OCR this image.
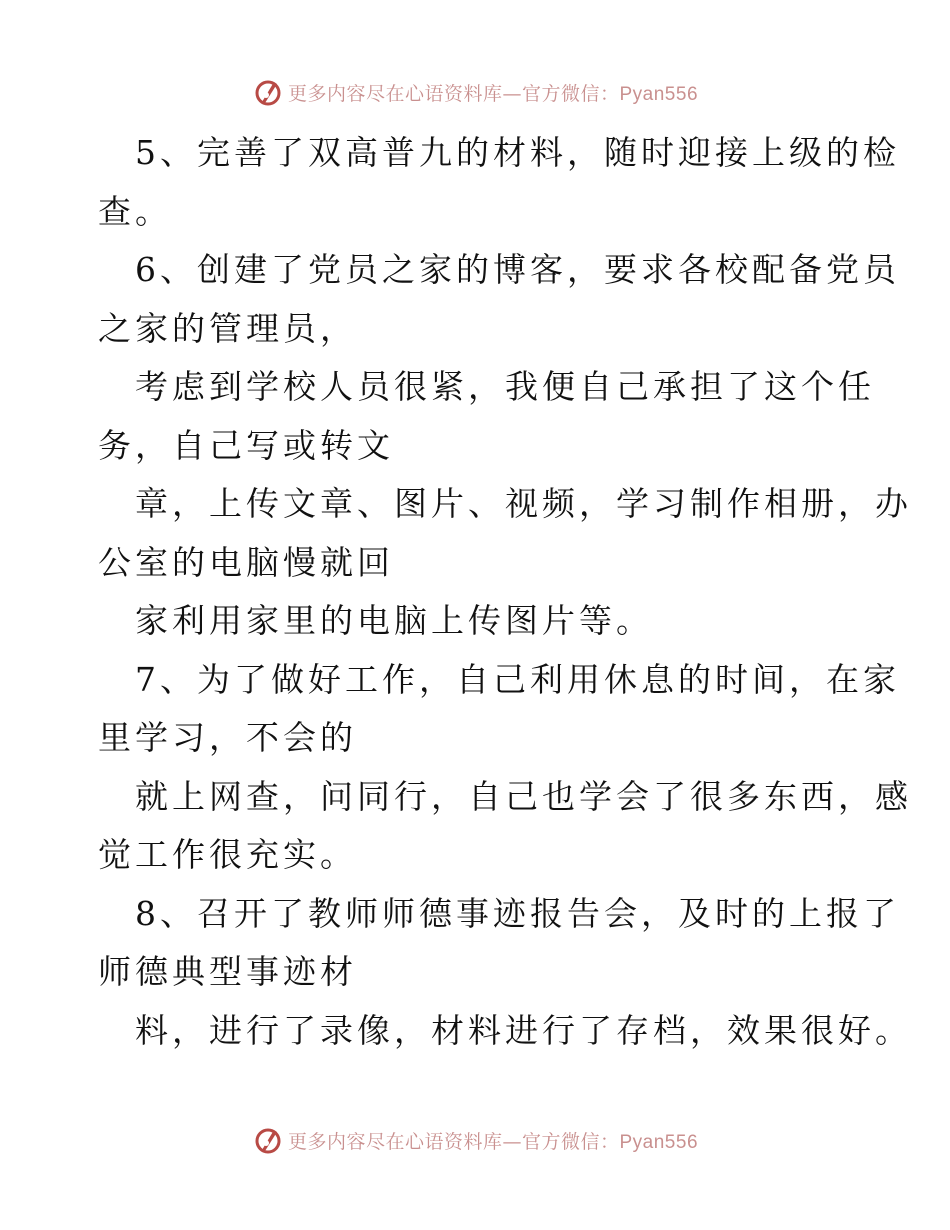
更多内容尽在心语资料库—官方微信：Pyan556
5、完善了双高普九的材料，随时迎接上级的检
查。
6、创建了党员之家的博客，要求各校配备党员
之家的管理员，
考虑到学校人员很紧，我便自己承担了这个任
务，自己写或转文
章，上传文章、图片、视频，学习制作相册，办
公室的电脑慢就回
家利用家里的电脑上传图片等。
7、为了做好工作，自己利用休息的时间，在家
里学习，不会的
就上网查，问同行，自己也学会了很多东西，感
觉工作很充实。
8、召开了教师师德事迹报告会，及时的上报了
师德典型事迹材
料，进行了录像，材料进行了存档，效果很好。
更多内容尽在心语资料库—官方微信：Pyan556
